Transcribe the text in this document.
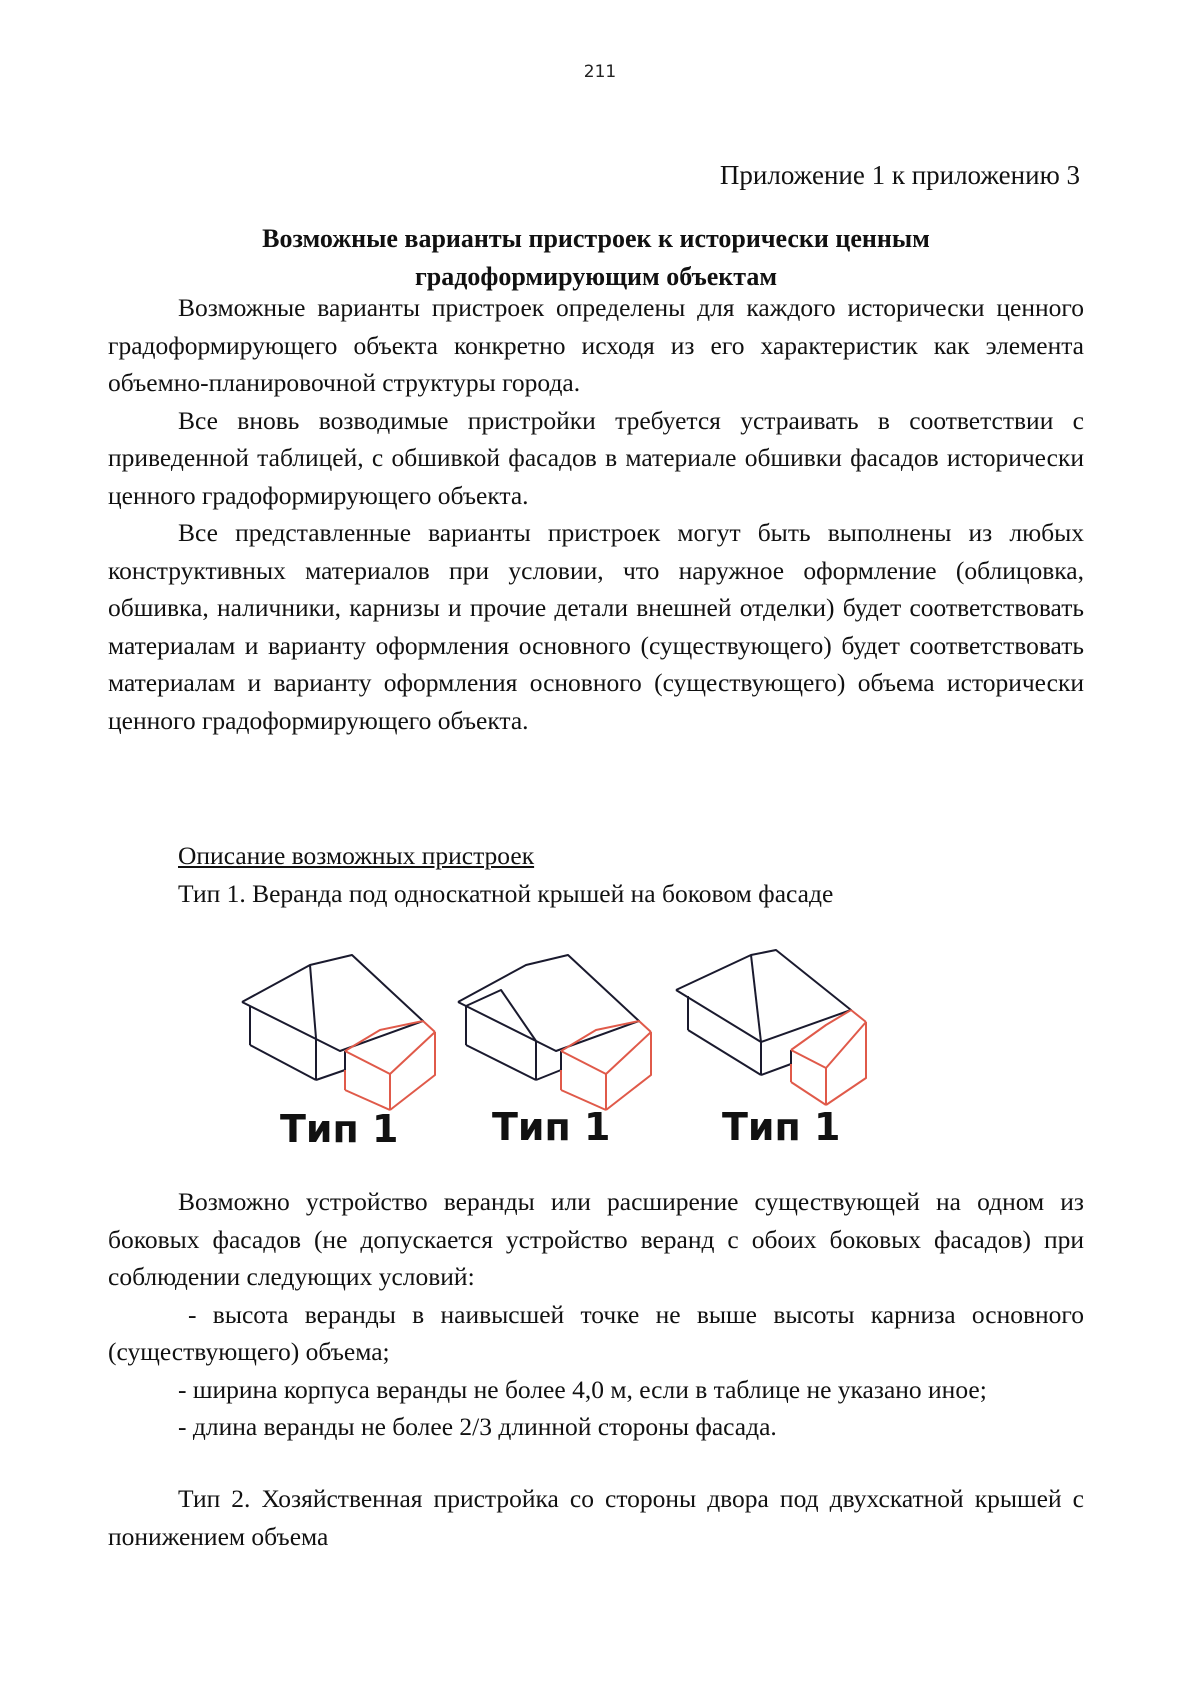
211
Приложение 1 к приложению 3
Возможные варианты пристроек к исторически ценным
градоформирующим объектам

Возможные варианты пристроек определены для каждого исторически ценного градоформирующего объекта конкретно исходя из его характеристик как элемента объемно-планировочной структуры города.

Все вновь возводимые пристройки требуется устраивать в соответствии с приведенной таблицей, с обшивкой фасадов в материале обшивки фасадов исторически ценного градоформирующего объекта.

Все представленные варианты пристроек могут быть выполнены из любых конструктивных материалов при условии, что наружное оформление (облицовка, обшивка, наличники, карнизы и прочие детали внешней отделки) будет соответствовать материалам и варианту оформления основного (существующего) будет соответствовать материалам и варианту оформления основного (существующего) объема исторически ценного градоформирующего объекта.

Описание возможных пристроек

Тип 1. Веранда под односкатной крышей на боковом фасаде

Тип 1 Тип 1	Тип 1

Возможно устройство веранды или расширение существующей на одном из боковых фасадов (не допускается устройство веранд с обоих боковых фасадов) при соблюдении следующих условий:

- высота веранды в наивысшей точке не выше высоты карниза основного (существующего) объема;

- ширина корпуса веранды не более 4,0 м, если в таблице не указано иное;

- длина веранды не более 2/3 длинной стороны фасада.

Тип 2. Хозяйственная пристройка со стороны двора под двухскатной крышей с понижением объема
